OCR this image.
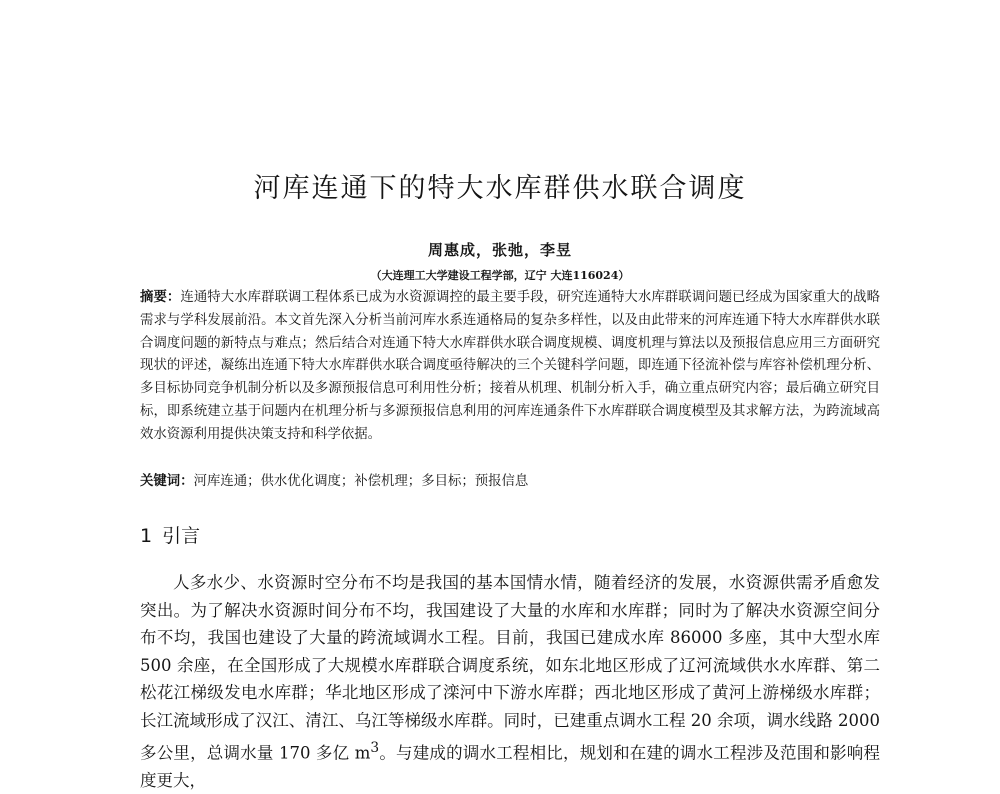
河库连通下的特大水库群供水联合调度
周惠成，张弛，李昱
（大连理工大学建设工程学部，辽宁 大连116024）
摘要：连通特大水库群联调工程体系已成为水资源调控的最主要手段，研究连通特大水库群联调问题已经成为国家重大的战略需求与学科发展前沿。本文首先深入分析当前河库水系连通格局的复杂多样性，以及由此带来的河库连通下特大水库群供水联合调度问题的新特点与难点；然后结合对连通下特大水库群供水联合调度规模、调度机理与算法以及预报信息应用三方面研究现状的评述，凝练出连通下特大水库群供水联合调度亟待解决的三个关键科学问题，即连通下径流补偿与库容补偿机理分析、多目标协同竞争机制分析以及多源预报信息可利用性分析；接着从机理、机制分析入手，确立重点研究内容；最后确立研究目标，即系统建立基于问题内在机理分析与多源预报信息利用的河库连通条件下水库群联合调度模型及其求解方法，为跨流域高效水资源利用提供决策支持和科学依据。
关键词：河库连通；供水优化调度；补偿机理；多目标；预报信息
1 引言
人多水少、水资源时空分布不均是我国的基本国情水情，随着经济的发展，水资源供需矛盾愈发突出。为了解决水资源时间分布不均，我国建设了大量的水库和水库群；同时为了解决水资源空间分布不均，我国也建设了大量的跨流域调水工程。目前，我国已建成水库 86000 多座，其中大型水库 500 余座，在全国形成了大规模水库群联合调度系统，如东北地区形成了辽河流域供水水库群、第二松花江梯级发电水库群；华北地区形成了滦河中下游水库群；西北地区形成了黄河上游梯级水库群；长江流域形成了汉江、清江、乌江等梯级水库群。同时，已建重点调水工程 20 余项，调水线路 2000 多公里，总调水量 170 多亿 $m^3$。与建成的调水工程相比，规划和在建的调水工程涉及范围和影响程度更大，
